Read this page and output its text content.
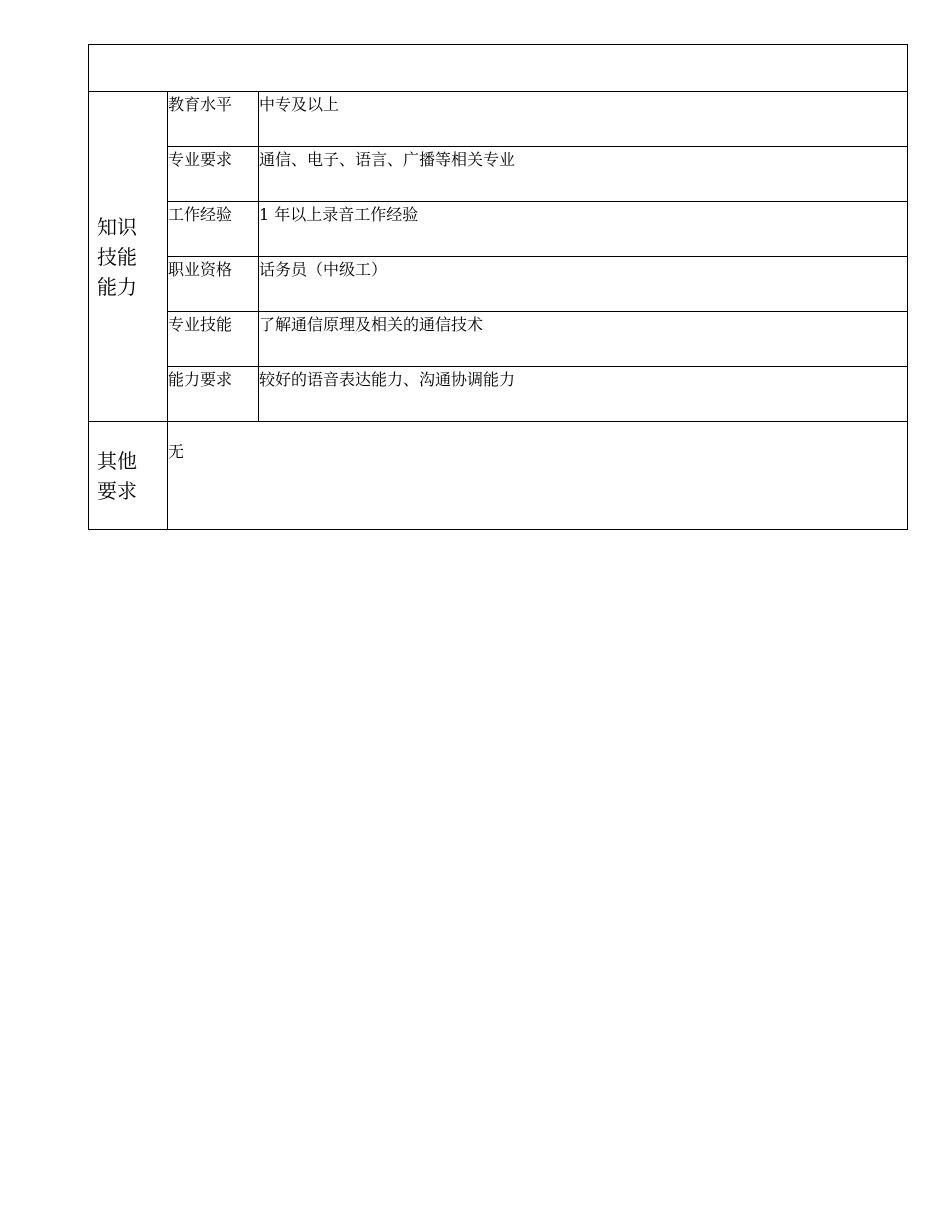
知识技能能力	教育水平	中专及以上
	专业要求	通信、电子、语言、广播等相关专业
	工作经验	1 年以上录音工作经验
	职业资格	话务员（中级工）
	专业技能	了解通信原理及相关的通信技术
	能力要求	较好的语音表达能力、沟通协调能力

其他要求	无	
